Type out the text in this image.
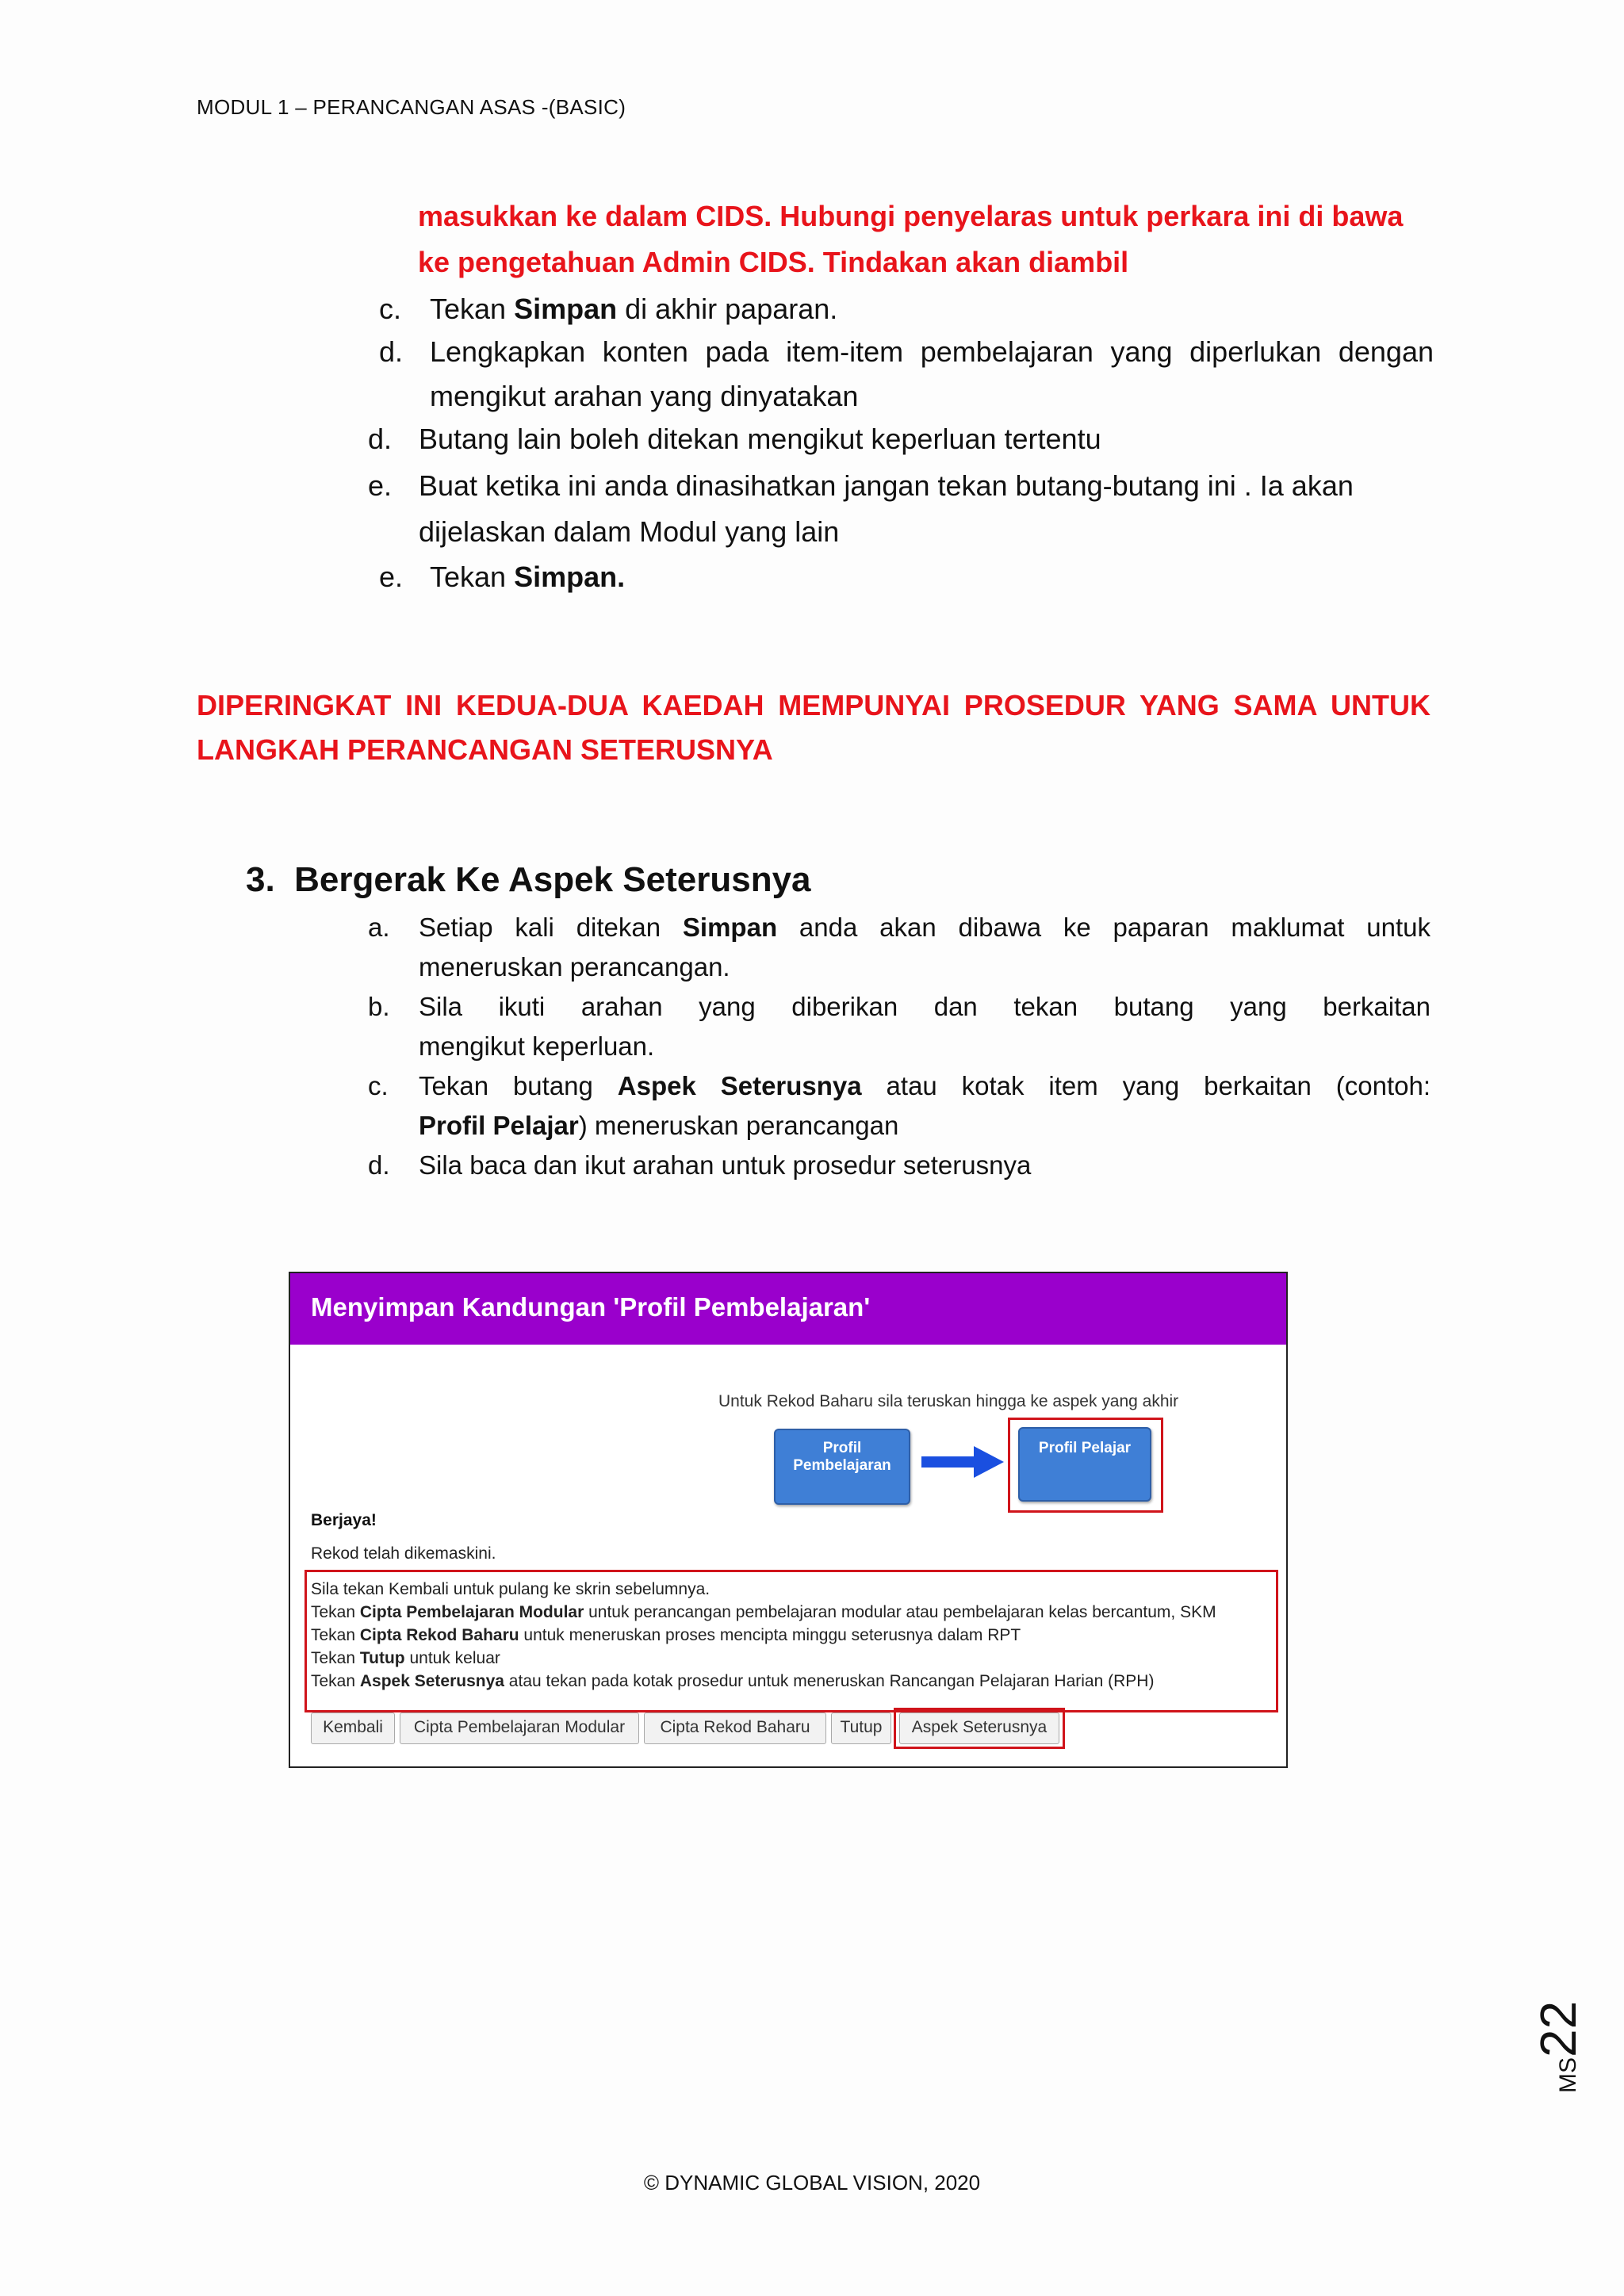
MODUL 1 – PERANCANGAN ASAS -(BASIC)
masukkan ke dalam CIDS. Hubungi penyelaras untuk perkara ini di bawa
ke pengetahuan Admin CIDS. Tindakan akan diambil
c. Tekan Simpan di akhir paparan.
d. Lengkapkan konten pada item-item pembelajaran yang diperlukan dengan
mengikut arahan yang dinyatakan
d. Butang lain boleh ditekan mengikut keperluan tertentu
e. Buat ketika ini anda dinasihatkan jangan tekan butang-butang ini . Ia akan
dijelaskan dalam Modul yang lain
e. Tekan Simpan.
DIPERINGKAT INI KEDUA-DUA KAEDAH MEMPUNYAI PROSEDUR YANG SAMA UNTUK LANGKAH PERANCANGAN SETERUSNYA
3. Bergerak Ke Aspek Seterusnya
a.	Setiap kali ditekan Simpan anda akan dibawa ke paparan maklumat untuk
meneruskan perancangan.
b.	Sila ikuti arahan yang diberikan dan tekan butang yang berkaitan
mengikut keperluan.
c.	Tekan butang Aspek Seterusnya atau kotak item yang berkaitan (contoh:
Profil Pelajar) meneruskan perancangan
d.	Sila baca dan ikut arahan untuk prosedur seterusnya
Menyimpan Kandungan 'Profil Pembelajaran'
Untuk Rekod Baharu sila teruskan hingga ke aspek yang akhir
Profil
Pembelajaran
Profil Pelajar
Berjaya!
Rekod telah dikemaskini.
Sila tekan Kembali untuk pulang ke skrin sebelumnya.
Tekan Cipta Pembelajaran Modular untuk perancangan pembelajaran modular atau pembelajaran kelas bercantum, SKM
Tekan Cipta Rekod Baharu untuk meneruskan proses mencipta minggu seterusnya dalam RPT
Tekan Tutup untuk keluar
Tekan Aspek Seterusnya atau tekan pada kotak prosedur untuk meneruskan Rancangan Pelajaran Harian (RPH)
Kembali	Cipta Pembelajaran Modular	Cipta Rekod Baharu	Tutup	Aspek Seterusnya
MS22
© DYNAMIC GLOBAL VISION, 2020
